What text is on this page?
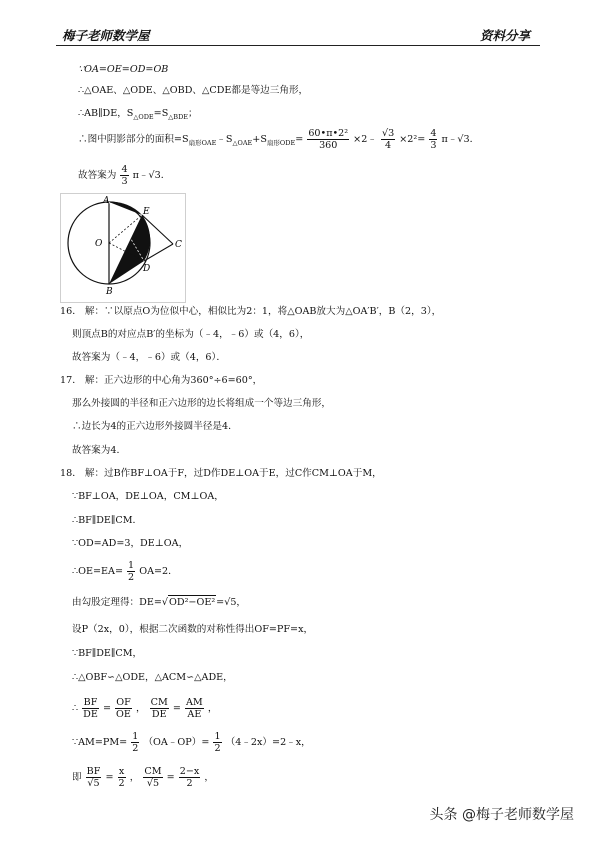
梅子老师数学屋	资料分享
∵OA=OE=OD=OB
∴△OAE、△ODE、△OBD、△CDE都是等边三角形，
∴AB∥DE，$S_{\triangle ODE}=S_{\triangle BDE}$；
∴图中阴影部分的面积$=S_{扇形OAE}﹣S_{\triangle OAE}+S_{扇形ODE}= \frac{\text{60•π•2²}}{360}$ ×2﹣ $\frac{√3}{4} \times 2^2= \frac{4}{3}$ π﹣√3．
故答案为 $\frac{4}{3}$ π﹣√3．
A
E
O	C
D
B
16． 解：∵以原点O为位似中心，相似比为2：1，将△OAB放大为△OA′B′，B（2，3），
则顶点B的对应点B′的坐标为（﹣4，﹣6）或（4，6），
故答案为（﹣4，﹣6）或（4，6）．
17． 解：正六边形的中心角为360°÷6=60°，
那么外接圆的半径和正六边形的边长将组成一个等边三角形，
∴边长为4的正六边形外接圆半径是4．
故答案为4．
18． 解：过B作BF⊥OA于F，过D作DE⊥OA于E，过C作CM⊥OA于M，
∵BF⊥OA，DE⊥OA，CM⊥OA，
∴BF∥DE∥CM．
∵OD=AD=3，DE⊥OA，
∴OE=EA= $\frac{1}{2} OA=2$．
由勾股定理得：DE=√OD²−OE²=√5，
设P（2x，0），根据二次函数的对称性得出OF=PF=x，
∵BF∥DE∥CM，
∴△OBF∽△ODE，△ACM∽△ADE，
∴ $\frac{BF}{DE} = \frac{OF}{OE}$ ， $\frac{CM}{DE} = \frac{AM}{AE}$ ，
∵AM=PM= $\frac{1}{2}$ （OA﹣OP）= $\frac{1}{2}$ （4﹣2x）=2﹣x，
即 $\frac{BF}{√5} = \frac{x}{2}$ ， $\frac{CM}{√5} = \frac{2-x}{2}$ ，
头条 @梅子老师数学屋
